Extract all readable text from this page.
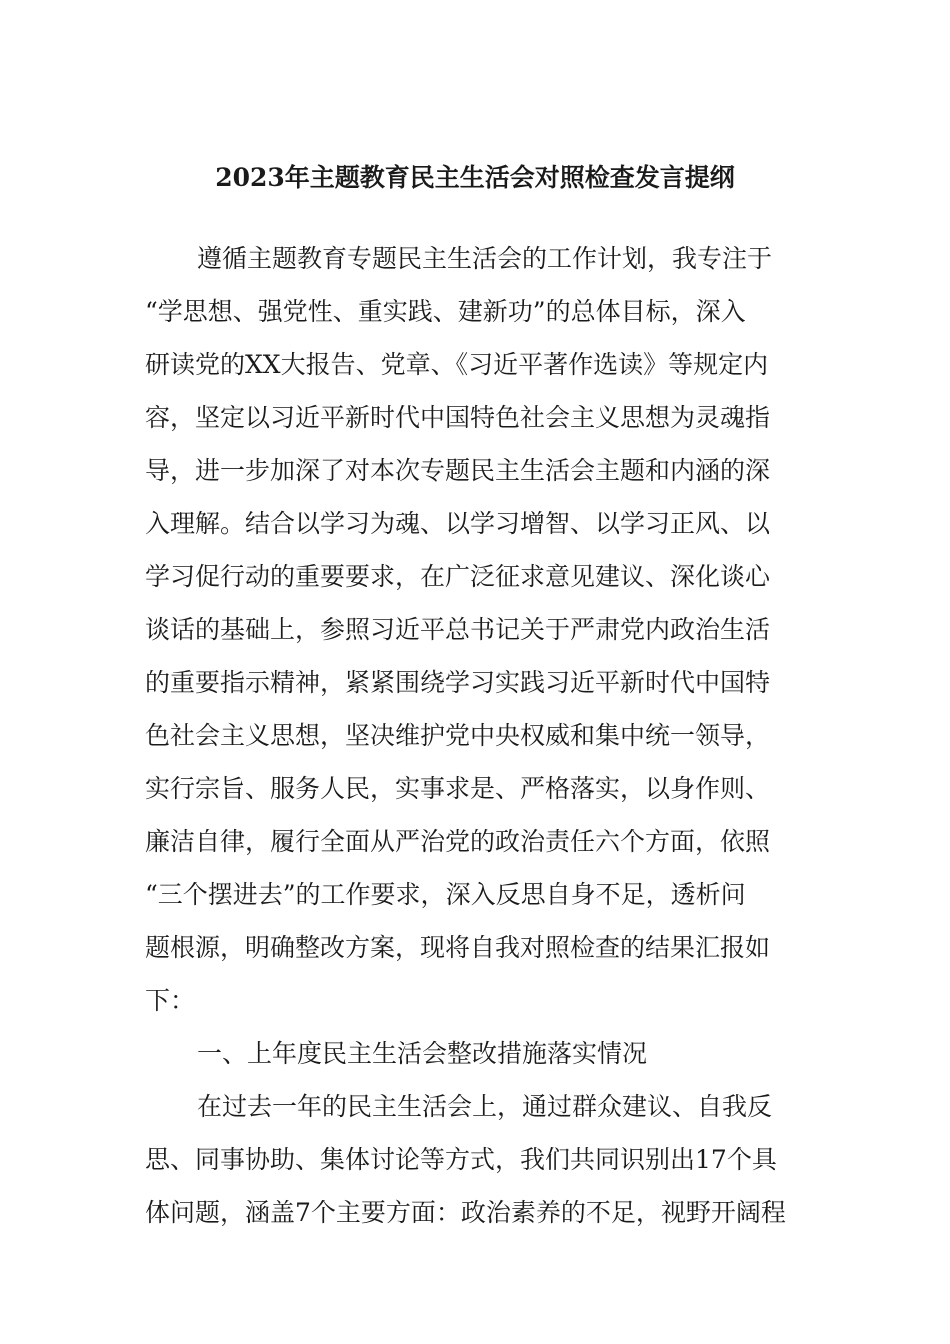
2023年主题教育民主生活会对照检查发言提纲

遵循主题教育专题民主生活会的工作计划，我专注于

“学思想、强党性、重实践、建新功”的总体目标，深入

研读党的XX大报告、党章、《习近平著作选读》等规定内

容，坚定以习近平新时代中国特色社会主义思想为灵魂指

导，进一步加深了对本次专题民主生活会主题和内涵的深

入理解。结合以学习为魂、以学习增智、以学习正风、以

学习促行动的重要要求，在广泛征求意见建议、深化谈心

谈话的基础上，参照习近平总书记关于严肃党内政治生活

的重要指示精神，紧紧围绕学习实践习近平新时代中国特

色社会主义思想，坚决维护党中央权威和集中统一领导，

实行宗旨、服务人民，实事求是、严格落实，以身作则、

廉洁自律，履行全面从严治党的政治责任六个方面，依照

“三个摆进去”的工作要求，深入反思自身不足，透析问

题根源，明确整改方案，现将自我对照检查的结果汇报如

下：

一、上年度民主生活会整改措施落实情况

在过去一年的民主生活会上，通过群众建议、自我反

思、同事协助、集体讨论等方式，我们共同识别出17个具

体问题，涵盖7个主要方面：政治素养的不足，视野开阔程
